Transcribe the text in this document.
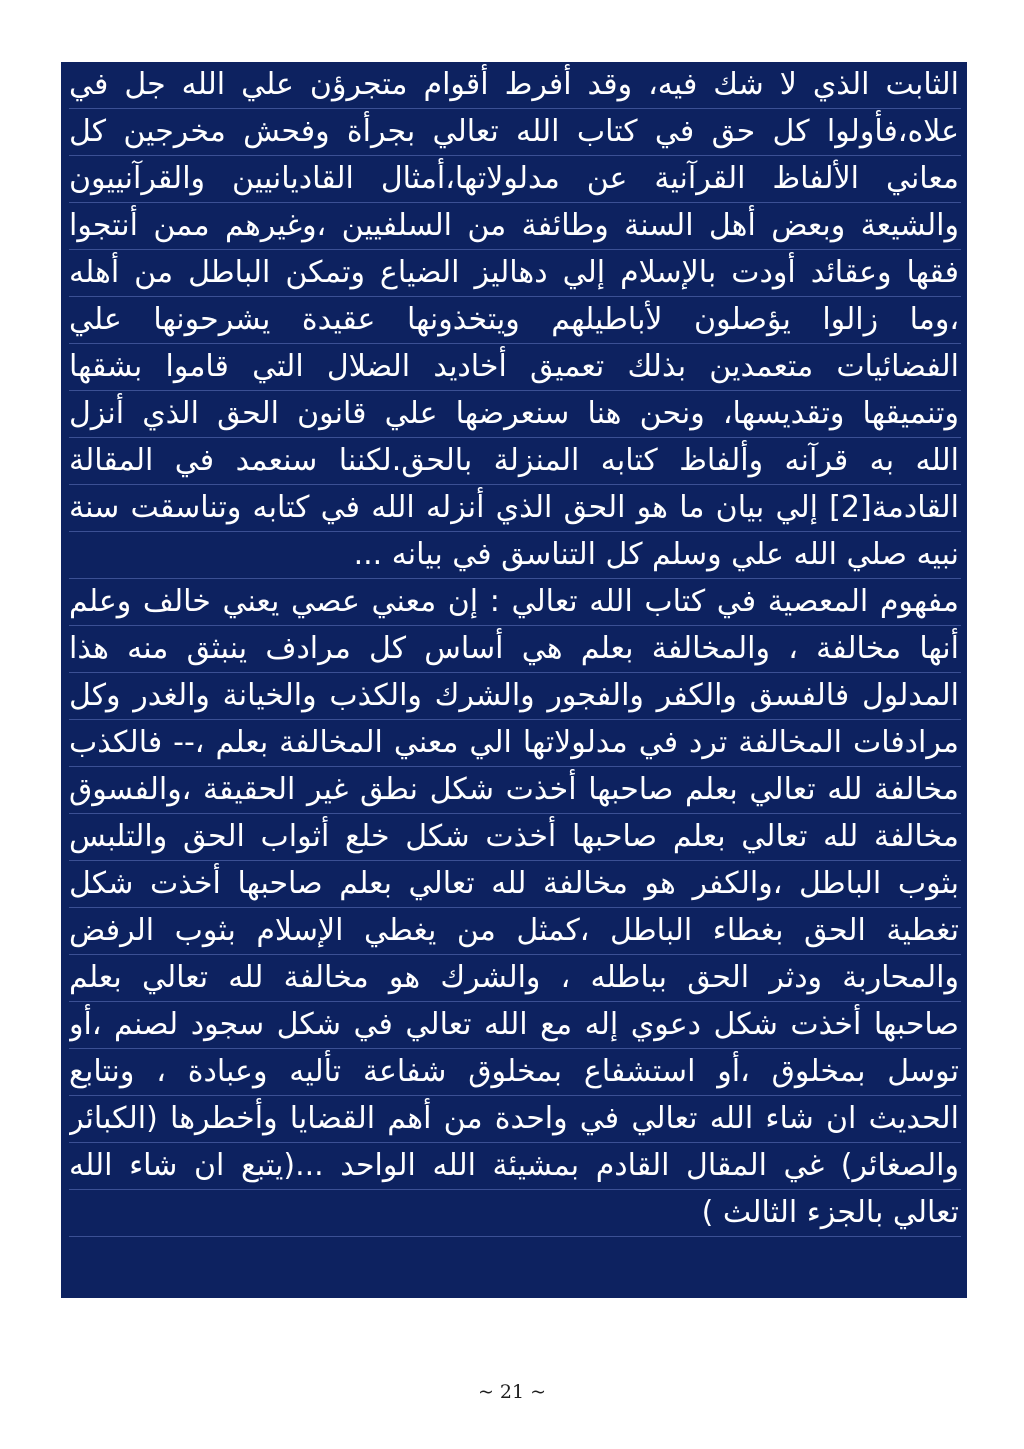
الثابت الذي لا شك فيه، وقد أفرط أقوام متجرؤن علي الله جل في
علاه،فأولوا كل حق في كتاب الله تعالي بجرأة وفحش مخرجين كل
معاني الألفاظ القرآنية عن مدلولاتها،أمثال القاديانيين والقرآنييون
والشيعة وبعض أهل السنة وطائفة من السلفيين ،وغيرهم ممن أنتجوا
فقها وعقائد أودت بالإسلام إلي دهاليز الضياع وتمكن الباطل من أهله
،وما زالوا يؤصلون لأباطيلهم ويتخذونها عقيدة يشرحونها علي
الفضائيات متعمدين بذلك تعميق أخاديد الضلال التي قاموا بشقها
وتنميقها وتقديسها، ونحن هنا سنعرضها علي قانون الحق الذي أنزل
الله به قرآنه وألفاظ كتابه المنزلة بالحق.لكننا سنعمد في المقالة
القادمة[2] إلي بيان ما هو الحق الذي أنزله الله في كتابه وتناسقت سنة
نبيه صلي الله علي وسلم كل التناسق في بيانه ...
مفهوم المعصية في كتاب الله تعالي : إن معني عصي يعني خالف وعلم
أنها مخالفة ، والمخالفة بعلم هي أساس كل مرادف ينبثق منه هذا
المدلول فالفسق والكفر والفجور والشرك والكذب والخيانة والغدر وكل
مرادفات المخالفة ترد في مدلولاتها الي معني المخالفة بعلم ،-- فالكذب
مخالفة لله تعالي بعلم صاحبها أخذت شكل نطق غير الحقيقة ،والفسوق
مخالفة لله تعالي بعلم صاحبها أخذت شكل خلع أثواب الحق والتلبس
بثوب الباطل ،والكفر هو مخالفة لله تعالي بعلم صاحبها أخذت شكل
تغطية الحق بغطاء الباطل ،كمثل من يغطي الإسلام بثوب الرفض
والمحاربة ودثر الحق بباطله ، والشرك هو مخالفة لله تعالي بعلم
صاحبها أخذت شكل دعوي إله مع الله تعالي في شكل سجود لصنم ،أو
توسل بمخلوق ،أو استشفاع بمخلوق شفاعة تأليه وعبادة ، ونتابع
الحديث ان شاء الله تعالي في واحدة من أهم القضايا وأخطرها (الكبائر
والصغائر) غي المقال القادم بمشيئة الله الواحد ...(يتبع ان شاء الله
تعالي بالجزء الثالث )
~ 21 ~
